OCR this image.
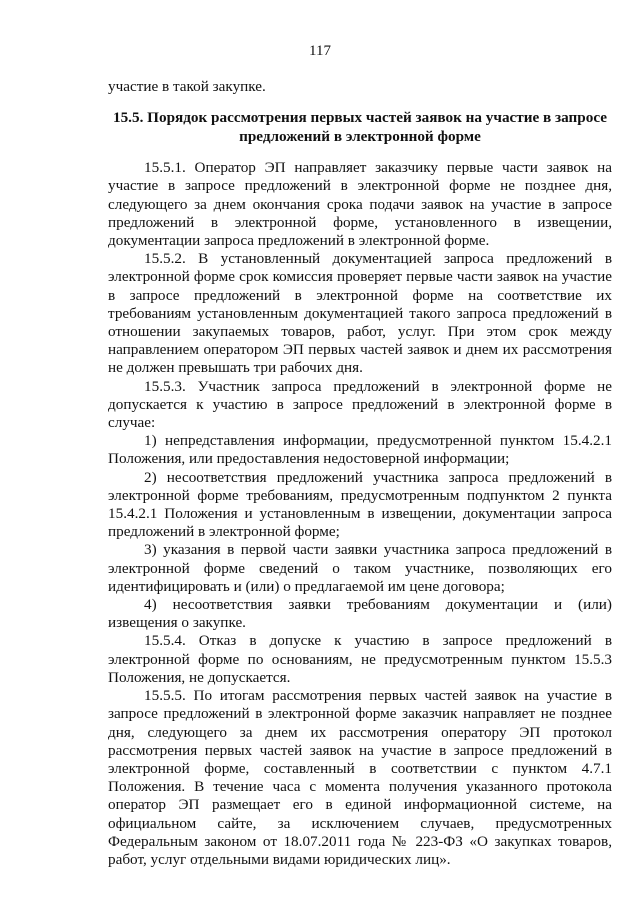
117

участие в такой закупке.

15.5. Порядок рассмотрения первых частей заявок на участие в запросе предложений в электронной форме

15.5.1. Оператор ЭП направляет заказчику первые части заявок на участие в запросе предложений в электронной форме не позднее дня, следующего за днем окончания срока подачи заявок на участие в запросе предложений в электронной форме, установленного в извещении, документации запроса предложений в электронной форме.

15.5.2. В установленный документацией запроса предложений в электронной форме срок комиссия проверяет первые части заявок на участие в запросе предложений в электронной форме на соответствие их требованиям установленным документацией такого запроса предложений в отношении закупаемых товаров, работ, услуг. При этом срок между направлением оператором ЭП первых частей заявок и днем их рассмотрения не должен превышать три рабочих дня.

15.5.3. Участник запроса предложений в электронной форме не допускается к участию в запросе предложений в электронной форме в случае:

1) непредставления информации, предусмотренной пунктом 15.4.2.1 Положения, или предоставления недостоверной информации;

2) несоответствия предложений участника запроса предложений в электронной форме требованиям, предусмотренным подпунктом 2 пункта 15.4.2.1 Положения и установленным в извещении, документации запроса предложений в электронной форме;

3) указания в первой части заявки участника запроса предложений в электронной форме сведений о таком участнике, позволяющих его идентифицировать и (или) о предлагаемой им цене договора;

4) несоответствия заявки требованиям документации и (или) извещения о закупке.

15.5.4. Отказ в допуске к участию в запросе предложений в электронной форме по основаниям, не предусмотренным пунктом 15.5.3 Положения, не допускается.

15.5.5. По итогам рассмотрения первых частей заявок на участие в запросе предложений в электронной форме заказчик направляет не позднее дня, следующего за днем их рассмотрения оператору ЭП протокол рассмотрения первых частей заявок на участие в запросе предложений в электронной форме, составленный в соответствии с пунктом 4.7.1 Положения. В течение часа с момента получения указанного протокола оператор ЭП размещает его в единой информационной системе, на официальном сайте, за исключением случаев, предусмотренных Федеральным законом от 18.07.2011 года № 223-ФЗ «О закупках товаров, работ, услуг отдельными видами юридических лиц».
